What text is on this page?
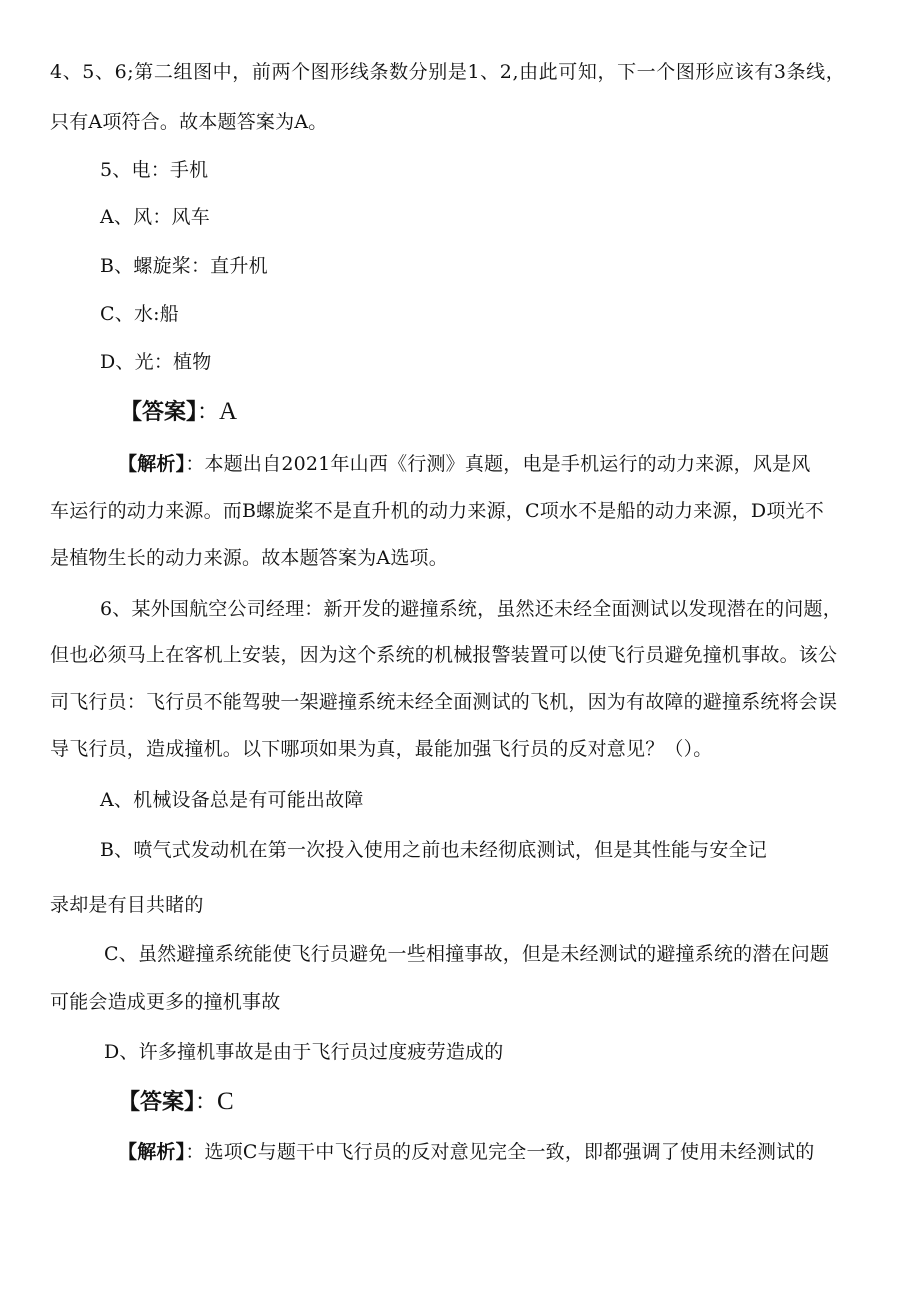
4、5、6;第二组图中，前两个图形线条数分别是1、2,由此可知，下一个图形应该有3条线，
只有A项符合。故本题答案为A。
5、电：手机
A、风：风车
B、螺旋桨：直升机
C、水:船
D、光：植物
【答案】：A
【解析】：本题出自2021年山西《行测》真题，电是手机运行的动力来源，风是风
车运行的动力来源。而B螺旋桨不是直升机的动力来源，C项水不是船的动力来源，D项光不
是植物生长的动力来源。故本题答案为A选项。
6、某外国航空公司经理：新开发的避撞系统，虽然还未经全面测试以发现潜在的问题，
但也必须马上在客机上安装，因为这个系统的机械报警装置可以使飞行员避免撞机事故。该公
司飞行员：飞行员不能驾驶一架避撞系统未经全面测试的飞机，因为有故障的避撞系统将会误
导飞行员，造成撞机。以下哪项如果为真，最能加强飞行员的反对意见？（）。
A、机械设备总是有可能出故障
B、喷气式发动机在第一次投入使用之前也未经彻底测试，但是其性能与安全记
录却是有目共睹的
C、虽然避撞系统能使飞行员避免一些相撞事故，但是未经测试的避撞系统的潜在问题
可能会造成更多的撞机事故
D、许多撞机事故是由于飞行员过度疲劳造成的
【答案】：C
【解析】：选项C与题干中飞行员的反对意见完全一致，即都强调了使用未经测试的
